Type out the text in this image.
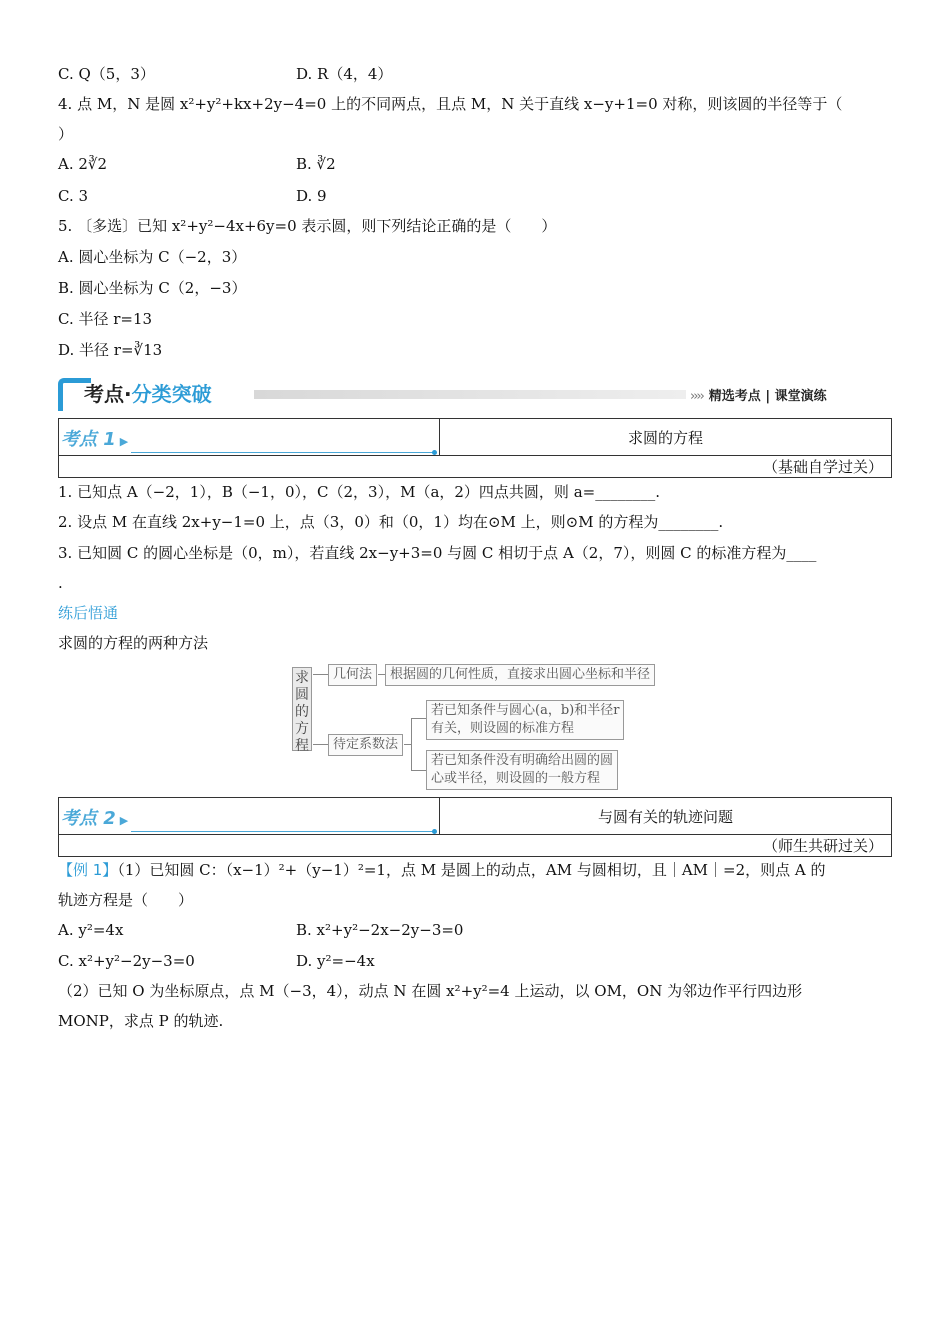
C. Q（5，3）	D. R（4，4）
4. 点 M，N 是圆 x²+y²+kx+2y−4=0 上的不同两点，且点 M，N 关于直线 x−y+1=0 对称，则该圆的半径等于（
）
A. 2∛2	B. ∛2
C. 3	D. 9
5. 〔多选〕已知 x²+y²−4x+6y=0 表示圆，则下列结论正确的是（　　）
A. 圆心坐标为 C（−2，3）
B. 圆心坐标为 C（2，−3）
C. 半径 r=13
D. 半径 r=∛13
考点·分类突破	›››› 精选考点 | 课堂演练
考点 1 ▶	求圆的方程
（基础自学过关）
1. 已知点 A（−2，1），B（−1，0），C（2，3），M（a，2）四点共圆，则 a=________.
2. 设点 M 在直线 2x+y−1=0 上，点（3，0）和（0，1）均在⊙M 上，则⊙M 的方程为________.
3. 已知圆 C 的圆心坐标是（0，m），若直线 2x−y+3=0 与圆 C 相切于点 A（2，7），则圆 C 的标准方程为____
.
练后悟通
求圆的方程的两种方法
求圆的方程
几何法	根据圆的几何性质，直接求出圆心坐标和半径
待定系数法
若已知条件与圆心(a，b)和半径r
有关，则设圆的标准方程
若已知条件没有明确给出圆的圆
心或半径，则设圆的一般方程
考点 2 ▶	与圆有关的轨迹问题
（师生共研过关）
【例 1】（1）已知圆 C：（x−1）²+（y−1）²=1，点 M 是圆上的动点，AM 与圆相切，且｜AM｜=2，则点 A 的
轨迹方程是（　　）
A. y²=4x	B. x²+y²−2x−2y−3=0
C. x²+y²−2y−3=0	D. y²=−4x
（2）已知 O 为坐标原点，点 M（−3，4），动点 N 在圆 x²+y²=4 上运动，以 OM，ON 为邻边作平行四边形
MONP，求点 P 的轨迹.
